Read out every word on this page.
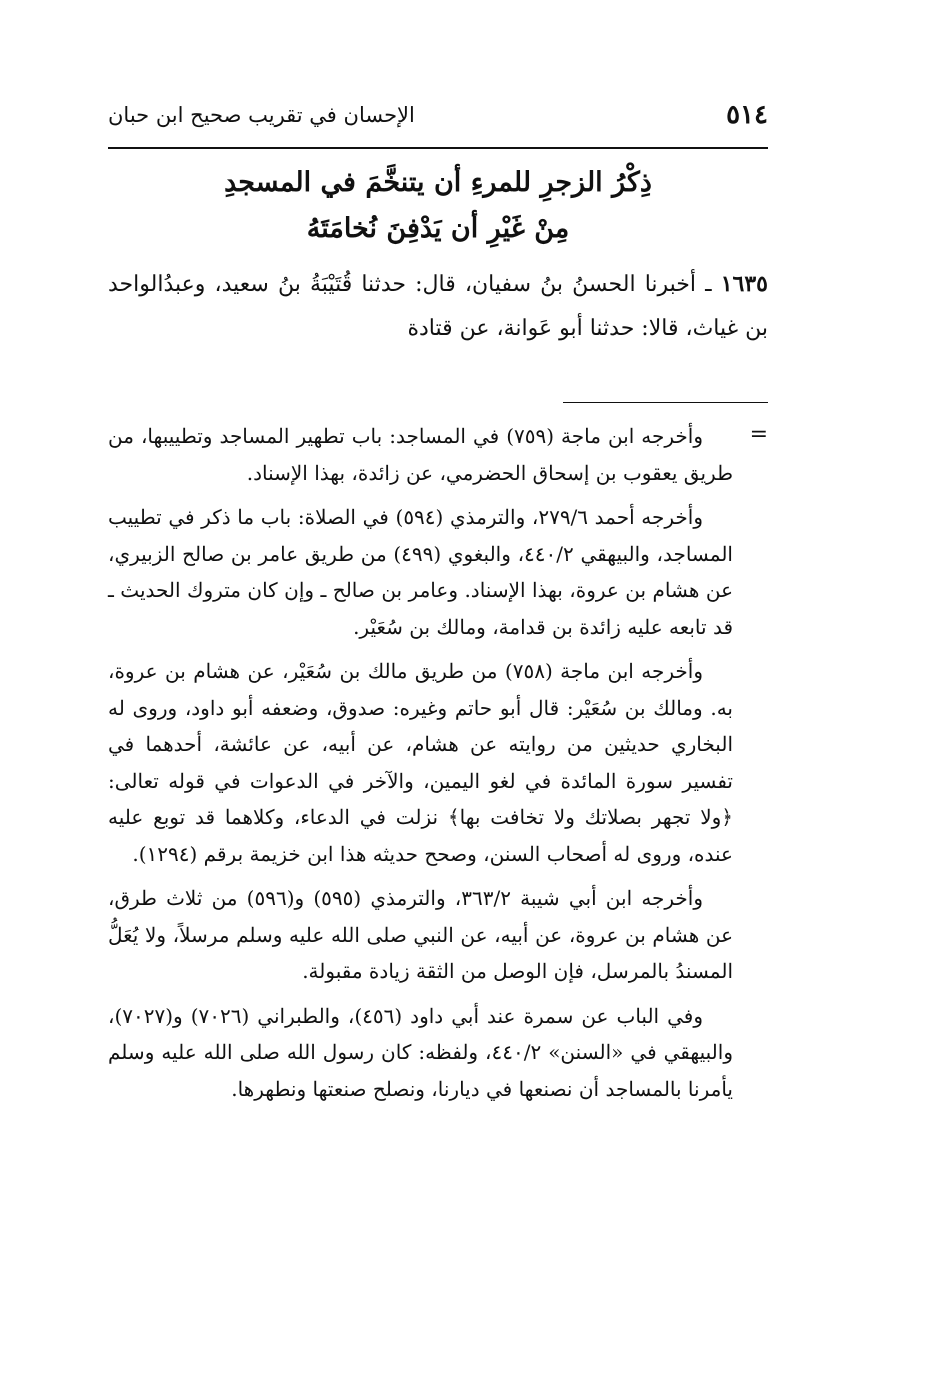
٥١٤
الإحسان في تقريب صحيح ابن حبان
ذِكْرُ الزجرِ للمرءِ أن يتنخَّمَ في المسجدِ
مِنْ غَيْرِ أن يَدْفِنَ نُخامَتَهُ
١٦٣٥ ـ أخبرنا الحسنُ بنُ سفيان، قال: حدثنا قُتَيْبَةُ بنُ سعيد، وعبدُالواحد بن غياث، قالا: حدثنا أبو عَوانة، عن قتادة
=

وأخرجه ابن ماجة (٧٥٩) في المساجد: باب تطهير المساجد وتطييبها، من طريق يعقوب بن إسحاق الحضرمي، عن زائدة، بهذا الإسناد.

وأخرجه أحمد ٢٧٩/٦، والترمذي (٥٩٤) في الصلاة: باب ما ذكر في تطييب المساجد، والبيهقي ٤٤٠/٢، والبغوي (٤٩٩) من طريق عامر بن صالح الزبيري، عن هشام بن عروة، بهذا الإسناد. وعامر بن صالح ـ وإن كان متروك الحديث ـ قد تابعه عليه زائدة بن قدامة، ومالك بن سُعَيْر.

وأخرجه ابن ماجة (٧٥٨) من طريق مالك بن سُعَيْر، عن هشام بن عروة، به. ومالك بن سُعَيْر: قال أبو حاتم وغيره: صدوق، وضعفه أبو داود، وروى له البخاري حديثين من روايته عن هشام، عن أبيه، عن عائشة، أحدهما في تفسير سورة المائدة في لغو اليمين، والآخر في الدعوات في قوله تعالى: ﴿ولا تجهر بصلاتك ولا تخافت بها﴾ نزلت في الدعاء، وكلاهما قد توبع عليه عنده، وروى له أصحاب السنن، وصحح حديثه هذا ابن خزيمة برقم (١٢٩٤).

وأخرجه ابن أبي شيبة ٣٦٣/٢، والترمذي (٥٩٥) و(٥٩٦) من ثلاث طرق، عن هشام بن عروة، عن أبيه، عن النبي صلى الله عليه وسلم مرسلاً، ولا يُعَلُّ المسندُ بالمرسل، فإن الوصل من الثقة زيادة مقبولة.

وفي الباب عن سمرة عند أبي داود (٤٥٦)، والطبراني (٧٠٢٦) و(٧٠٢٧)، والبيهقي في «السنن» ٤٤٠/٢، ولفظه: كان رسول الله صلى الله عليه وسلم يأمرنا بالمساجد أن نصنعها في ديارنا، ونصلح صنعتها ونطهرها.
